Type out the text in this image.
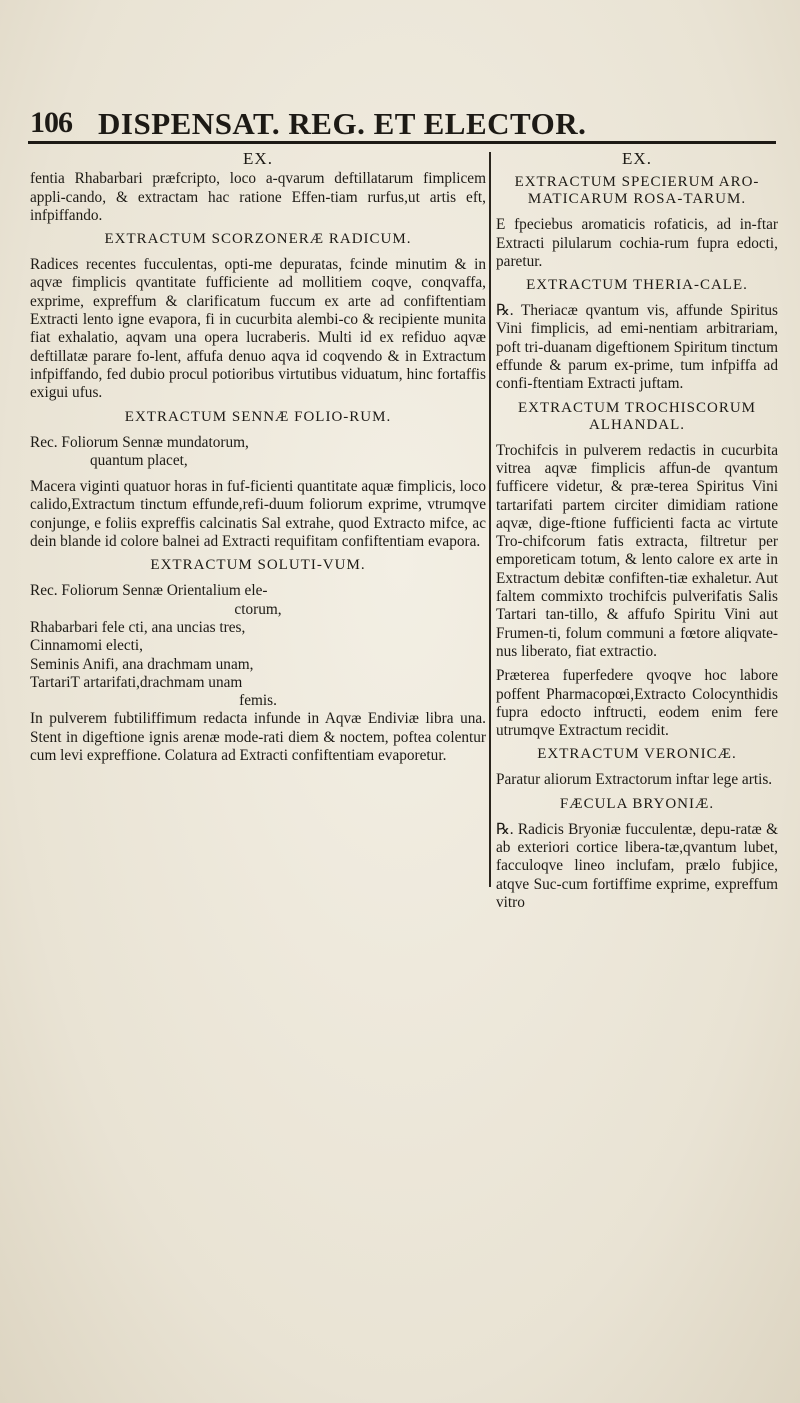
106 DISPENSAT. REG. ET ELECTOR.
EX.

fentia Rhabarbari præfcripto, loco a-qvarum deftillatarum fimplicem appli-cando, & extractam hac ratione Effen-tiam rurfus,ut artis eft, infpiffando.

EXTRACTUM SCORZONERÆ RADICUM.

Radices recentes fucculentas, opti-me depuratas, fcinde minutim & in aqvæ fimplicis qvantitate fufficiente ad mollitiem coqve, conqvaffa, exprime, expreffum & clarificatum fuccum ex arte ad confiftentiam Extracti lento igne evapora, fi in cucurbita alembi-co & recipiente munita fiat exhalatio, aqvam una opera lucraberis. Multi id ex refiduo aqvæ deftillatæ parare fo-lent, affufa denuo aqva id coqvendo & in Extractum infpiffando, fed dubio procul potioribus virtutibus viduatum, hinc fortaffis exigui ufus.

EXTRACTUM SENNÆ FOLIO-RUM.

Rec. Foliorum Sennæ mundatorum,

quantum placet,

Macera viginti quatuor horas in fuf-ficienti quantitate aquæ fimplicis, loco calido,Extractum tinctum effunde,refi-duum foliorum exprime, vtrumqve conjunge, e foliis expreffis calcinatis Sal extrahe, quod Extracto mifce, ac dein blande id colore balnei ad Extracti requifitam confiftentiam evapora.

EXTRACTUM SOLUTI-VUM.

Rec. Foliorum Sennæ Orientalium ele-

ctorum,

Rhabarbari fele cti, ana uncias tres,

Cinnamomi electi,

Seminis Anifi, ana drachmam unam,

TartariT artarifati,drachmam unam

femis.

In pulverem fubtiliffimum redacta infunde in Aqvæ Endiviæ libra una. Stent in digeftione ignis arenæ mode-rati diem & noctem, poftea colentur cum levi expreffione. Colatura ad Extracti confiftentiam evaporetur.

EX.
EXTRACTUM SPECIERUM ARO-MATICARUM ROSA-TARUM.

E fpeciebus aromaticis rofaticis, ad in-ftar Extracti pilularum cochia-rum fupra edocti, paretur.

EXTRACTUM THERIA-CALE.

℞. Theriacæ qvantum vis, affunde Spiritus Vini fimplicis, ad emi-nentiam arbitrariam, poft tri-duanam digeftionem Spiritum tinctum effunde & parum ex-prime, tum infpiffa ad confi-ftentiam Extracti juftam.

EXTRACTUM TROCHISCORUM ALHANDAL.

Trochifcis in pulverem redactis in cucurbita vitrea aqvæ fimplicis affun-de qvantum fufficere videtur, & præ-terea Spiritus Vini tartarifati partem circiter dimidiam ratione aqvæ, dige-ftione fufficienti facta ac virtute Tro-chifcorum fatis extracta, filtretur per emporeticam totum, & lento calore ex arte in Extractum debitæ confiften-tiæ exhaletur. Aut faltem commixto trochifcis pulverifatis Salis Tartari tan-tillo, & affufo Spiritu Vini aut Frumen-ti, folum communi a fœtore aliqvate-nus liberato, fiat extractio.

Præterea fuperfedere qvoqve hoc labore poffent Pharmacopœi,Extracto Colocynthidis fupra edocto inftructi, eodem enim fere utrumqve Extractum recidit.

EXTRACTUM VERONICÆ.

Paratur aliorum Extractorum inftar lege artis.

FÆCULA BRYONIÆ.

℞. Radicis Bryoniæ fucculentæ, depu-ratæ & ab exteriori cortice libera-tæ,qvantum lubet, facculoqve lineo inclufam, prælo fubjice, atqve Suc-cum fortiffime exprime, expreffum vitro
